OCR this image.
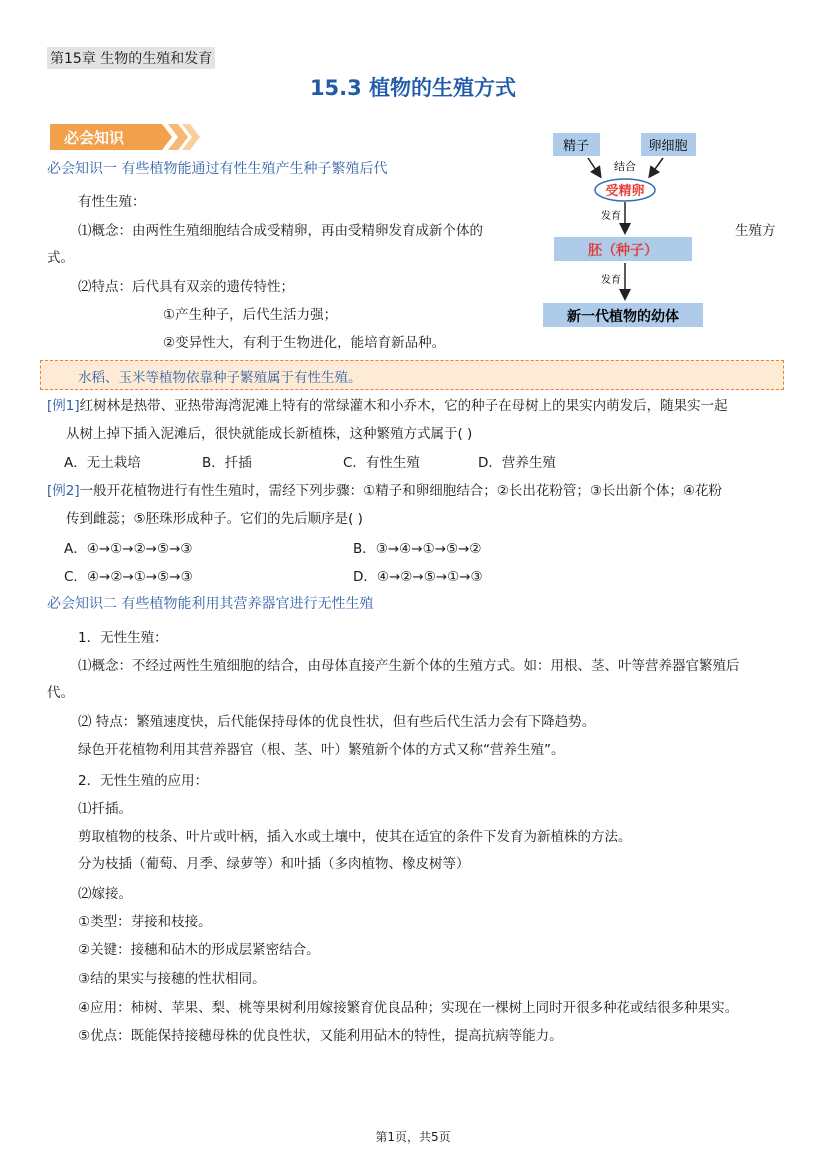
第15章 生物的生殖和发育
15.3 植物的生殖方式
必会知识
必会知识一 有些植物能通过有性生殖产生种子繁殖后代
有性生殖：
⑴概念：由两性生殖细胞结合成受精卵，再由受精卵发育成新个体的	生殖方
式。
⑵特点：后代具有双亲的遗传特性；
①产生种子，后代生活力强；
②变异性大，有利于生物进化，能培育新品种。
精子	卵细胞
结合
受精卵
发育
胚（种子）
发育
新一代植物的幼体
水稻、玉米等植物依靠种子繁殖属于有性生殖。
[例1]红树林是热带、亚热带海湾泥滩上特有的常绿灌木和小乔木，它的种子在母树上的果实内萌发后，随果实一起
从树上掉下插入泥滩后，很快就能成长新植株，这种繁殖方式属于( )
A．无土栽培	B．扦插	C．有性生殖	D．营养生殖
[例2]一般开花植物进行有性生殖时，需经下列步骤：①精子和卵细胞结合；②长出花粉管；③长出新个体；④花粉
传到雌蕊；⑤胚珠形成种子。它们的先后顺序是( )
A．④→①→②→⑤→③	B．③→④→①→⑤→②
C．④→②→①→⑤→③	D．④→②→⑤→①→③
必会知识二 有些植物能利用其营养器官进行无性生殖
1．无性生殖：
⑴概念：不经过两性生殖细胞的结合，由母体直接产生新个体的生殖方式。如：用根、茎、叶等营养器官繁殖后
代。
⑵ 特点：繁殖速度快，后代能保持母体的优良性状，但有些后代生活力会有下降趋势。
绿色开花植物利用其营养器官（根、茎、叶）繁殖新个体的方式又称“营养生殖”。
2．无性生殖的应用：
⑴扦插。
剪取植物的枝条、叶片或叶柄，插入水或土壤中，使其在适宜的条件下发育为新植株的方法。
分为枝插（葡萄、月季、绿萝等）和叶插（多肉植物、橡皮树等）
⑵嫁接。
①类型：芽接和枝接。
②关键：接穗和砧木的形成层紧密结合。
③结的果实与接穗的性状相同。
④应用：柿树、苹果、梨、桃等果树利用嫁接繁育优良品种；实现在一棵树上同时开很多种花或结很多种果实。
⑤优点：既能保持接穗母株的优良性状，又能利用砧木的特性，提高抗病等能力。
第1页，共5页
